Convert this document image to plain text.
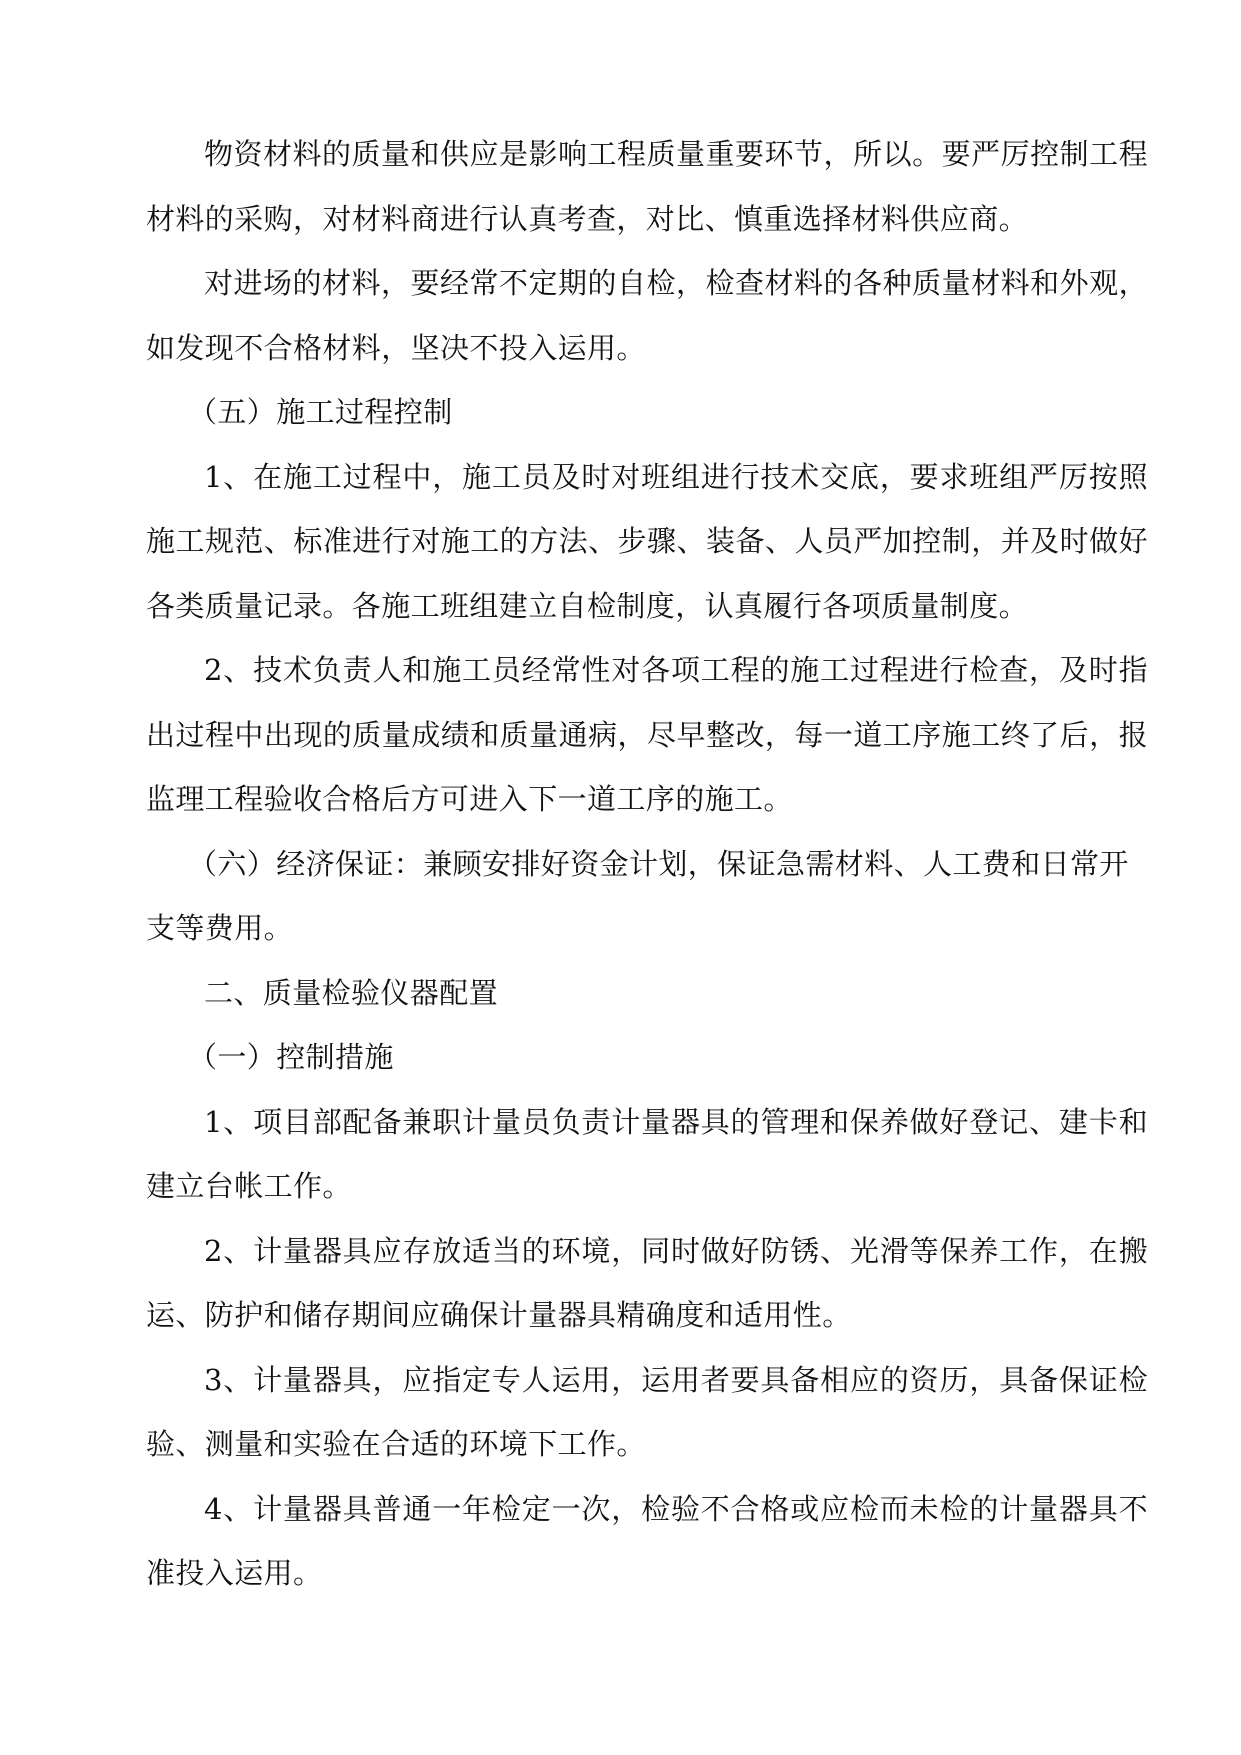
物资材料的质量和供应是影响工程质量重要环节，所以。要严厉控制工程材料的采购，对材料商进行认真考查，对比、慎重选择材料供应商。

对进场的材料，要经常不定期的自检，检查材料的各种质量材料和外观，如发现不合格材料，坚决不投入运用。

（五）施工过程控制

1、在施工过程中，施工员及时对班组进行技术交底，要求班组严厉按照施工规范、标准进行对施工的方法、步骤、装备、人员严加控制，并及时做好各类质量记录。各施工班组建立自检制度，认真履行各项质量制度。

2、技术负责人和施工员经常性对各项工程的施工过程进行检查，及时指出过程中出现的质量成绩和质量通病，尽早整改，每一道工序施工终了后，报监理工程验收合格后方可进入下一道工序的施工。

（六）经济保证：兼顾安排好资金计划，保证急需材料、人工费和日常开支等费用。

二、质量检验仪器配置

（一）控制措施

1、项目部配备兼职计量员负责计量器具的管理和保养做好登记、建卡和建立台帐工作。

2、计量器具应存放适当的环境，同时做好防锈、光滑等保养工作，在搬运、防护和储存期间应确保计量器具精确度和适用性。

3、计量器具，应指定专人运用，运用者要具备相应的资历，具备保证检验、测量和实验在合适的环境下工作。

4、计量器具普通一年检定一次，检验不合格或应检而未检的计量器具不准投入运用。
